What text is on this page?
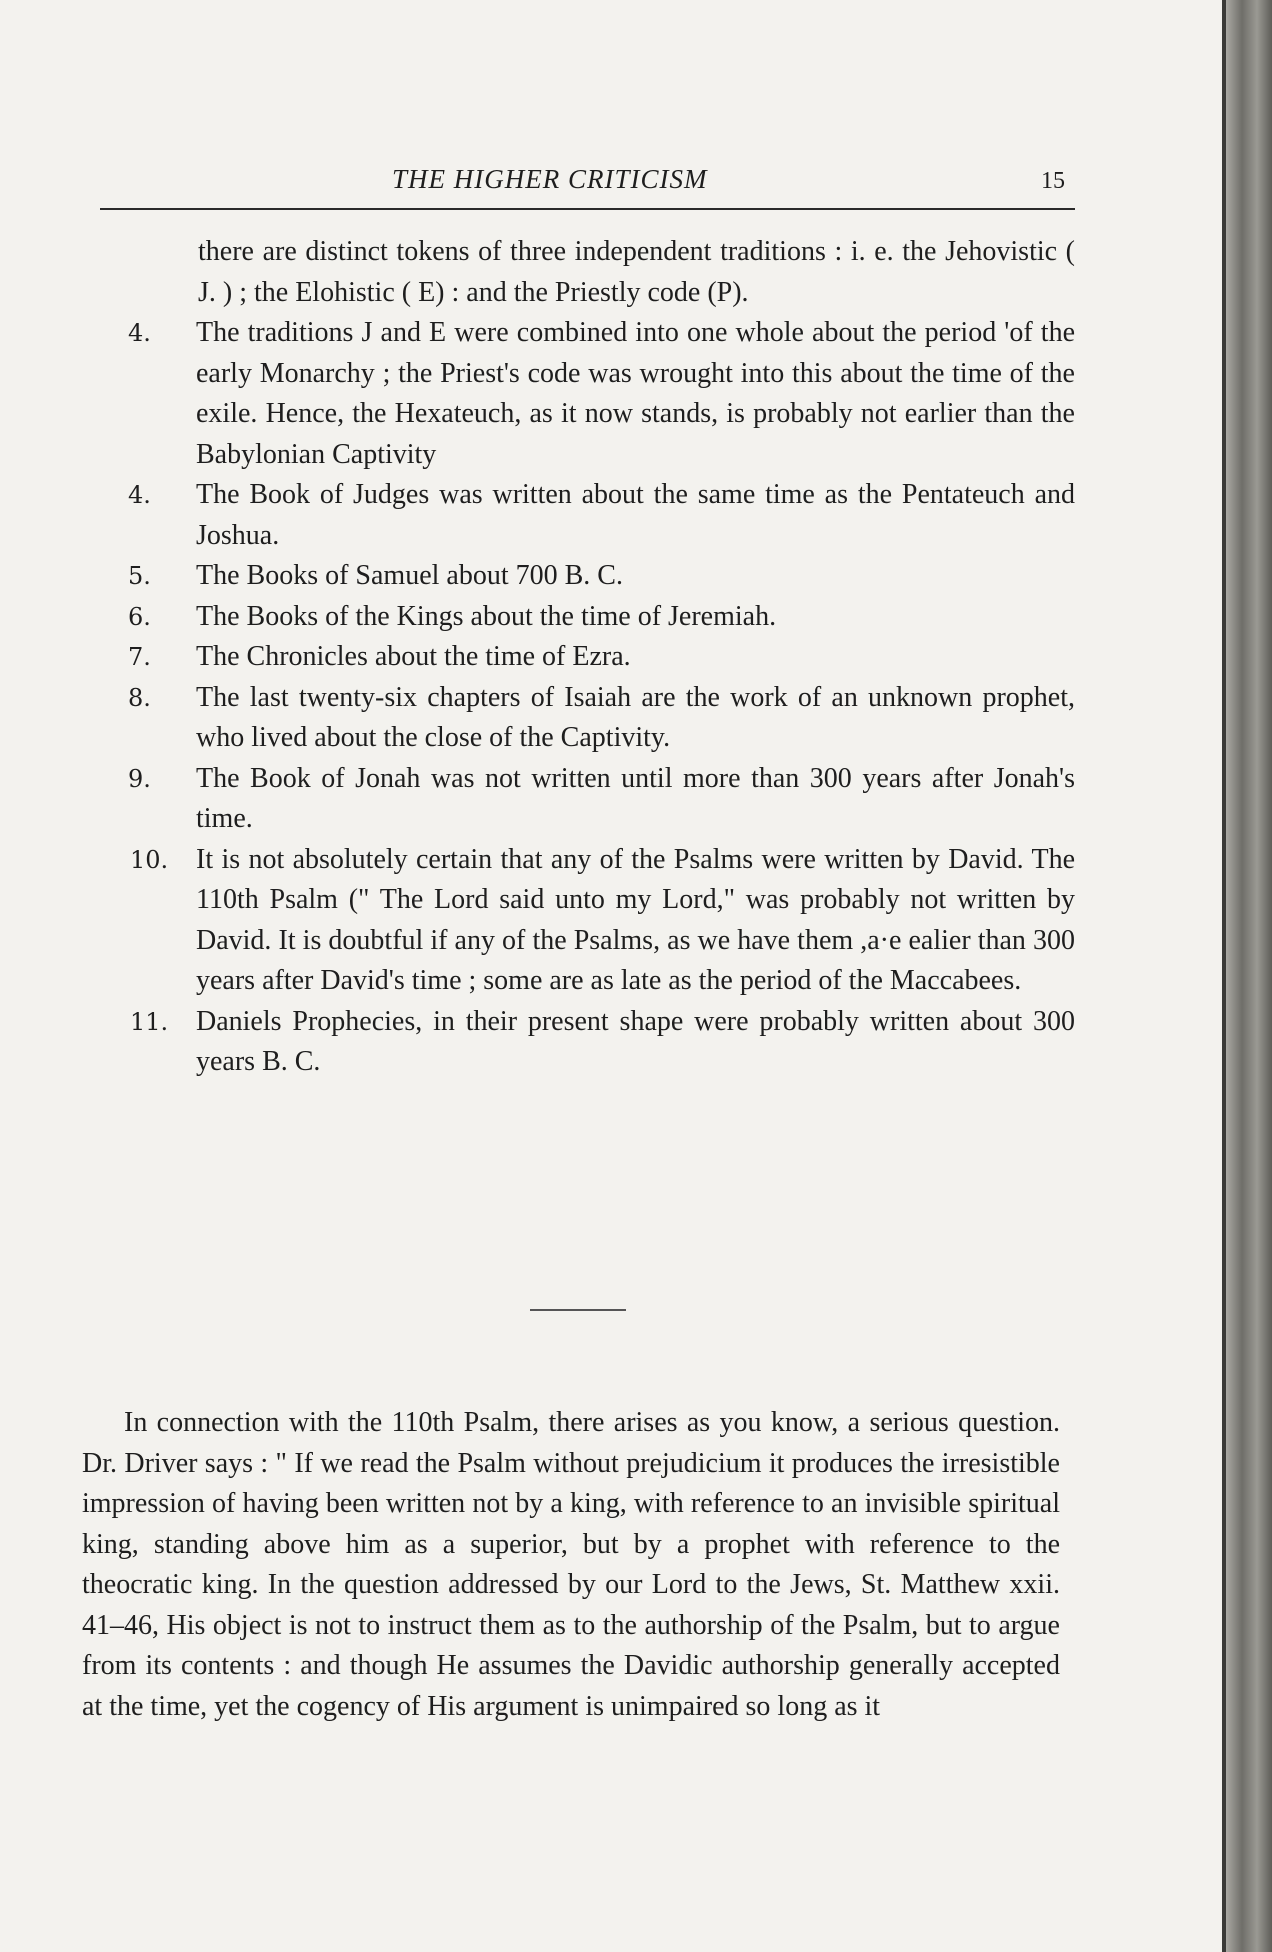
THE HIGHER CRITICISM	15
there are distinct tokens of three independent traditions : i. e. the Jehovistic ( J. ) ; the Elohistic ( E) : and the Priestly code (P).
4.	The traditions J and E were combined into one whole about the period 'of the early Monarchy ; the Priest's code was wrought into this about the time of the exile. Hence, the Hexateuch, as it now stands, is probably not earlier than the Babylonian Captivity
4.	The Book of Judges was written about the same time as the Pentateuch and Joshua.
5.	The Books of Samuel about 700 B. C.
6.	The Books of the Kings about the time of Jeremiah.
7.	The Chronicles about the time of Ezra.
8.	The last twenty-six chapters of Isaiah are the work of an unknown prophet, who lived about the close of the Captivity.
9.	The Book of Jonah was not written until more than 300 years after Jonah's time.
10. It is not absolutely certain that any of the Psalms were written by David. The 110th Psalm (" The Lord said unto my Lord," was probably not written by David. It is doubtful if any of the Psalms, as we have them ,a·e ealier than 300 years after David's time ; some are as late as the period of the Maccabees.
11. Daniels Prophecies, in their present shape were probably written about 300 years B. C.

In connection with the 110th Psalm, there arises as you know, a serious question. Dr. Driver says : " If we read the Psalm without prejudicium it produces the irresistible impression of having been written not by a king, with reference to an invisible spiritual king, standing above him as a superior, but by a prophet with reference to the theocratic king. In the question addressed by our Lord to the Jews, St. Matthew xxii. 41–46, His object is not to instruct them as to the authorship of the Psalm, but to argue from its contents : and though He assumes the Davidic authorship generally accepted at the time, yet the cogency of His argument is unimpaired so long as it
